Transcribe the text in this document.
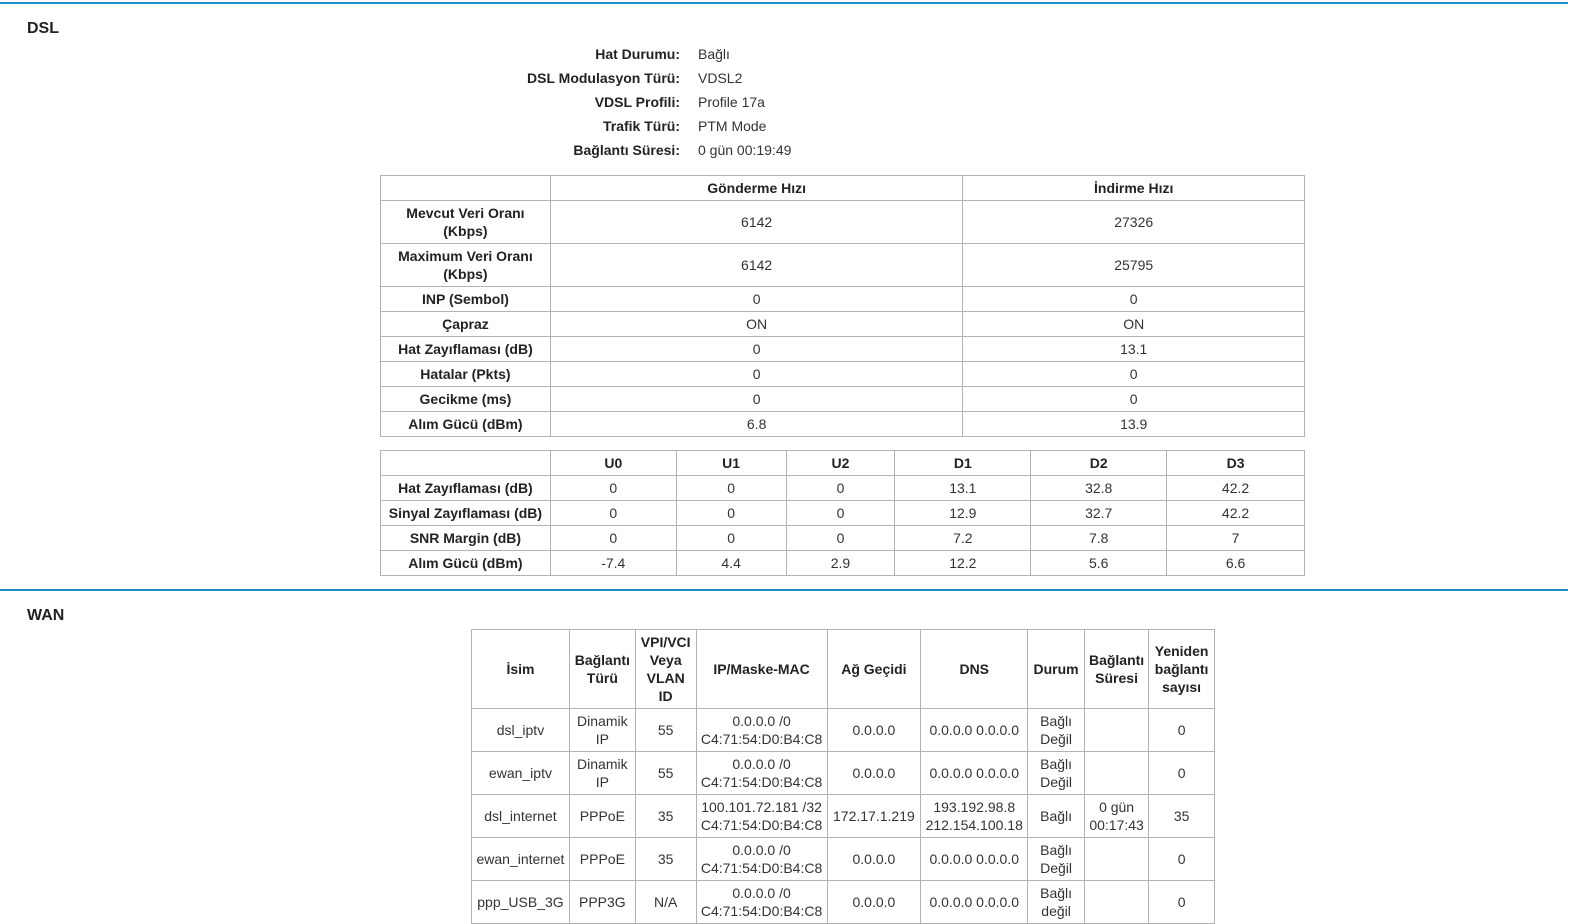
DSL
Hat Durumu:	Bağlı
DSL Modulasyon Türü:	VDSL2
VDSL Profili:	Profile 17a
Trafik Türü:	PTM Mode
Bağlantı Süresi:	0 gün 00:19:49
	Gönderme Hızı	İndirme Hızı
Mevcut Veri Oranı (Kbps)	6142	27326
Maximum Veri Oranı (Kbps)	6142	25795
INP (Sembol)	0	0
Çapraz	ON	ON
Hat Zayıflaması (dB)	0	13.1
Hatalar (Pkts)	0	0
Gecikme (ms)	0	0
Alım Gücü (dBm)	6.8	13.9
	U0	U1	U2	D1	D2	D3
Hat Zayıflaması (dB)	0	0	0	13.1	32.8	42.2
Sinyal Zayıflaması (dB)	0	0	0	12.9	32.7	42.2
SNR Margin (dB)	0	0	0	7.2	7.8	7
Alım Gücü (dBm)	-7.4	4.4	2.9	12.2	5.6	6.6
WAN
İsim	Bağlantı Türü	VPI/VCI Veya VLAN ID	IP/Maske-MAC	Ağ Geçidi	DNS	Durum	Bağlantı Süresi	Yeniden bağlantı sayısı
dsl_iptv	Dinamik IP	55	0.0.0.0 /0 C4:71:54:D0:B4:C8	0.0.0.0	0.0.0.0 0.0.0.0	Bağlı Değil		0
ewan_iptv	Dinamik IP	55	0.0.0.0 /0 C4:71:54:D0:B4:C8	0.0.0.0	0.0.0.0 0.0.0.0	Bağlı Değil		0
dsl_internet	PPPoE	35	100.101.72.181 /32 C4:71:54:D0:B4:C8	172.17.1.219	193.192.98.8 212.154.100.18	Bağlı	0 gün 00:17:43	35
ewan_internet	PPPoE	35	0.0.0.0 /0 C4:71:54:D0:B4:C8	0.0.0.0	0.0.0.0 0.0.0.0	Bağlı Değil		0
ppp_USB_3G	PPP3G	N/A	0.0.0.0 /0 C4:71:54:D0:B4:C8	0.0.0.0	0.0.0.0 0.0.0.0	Bağlı değil		0
